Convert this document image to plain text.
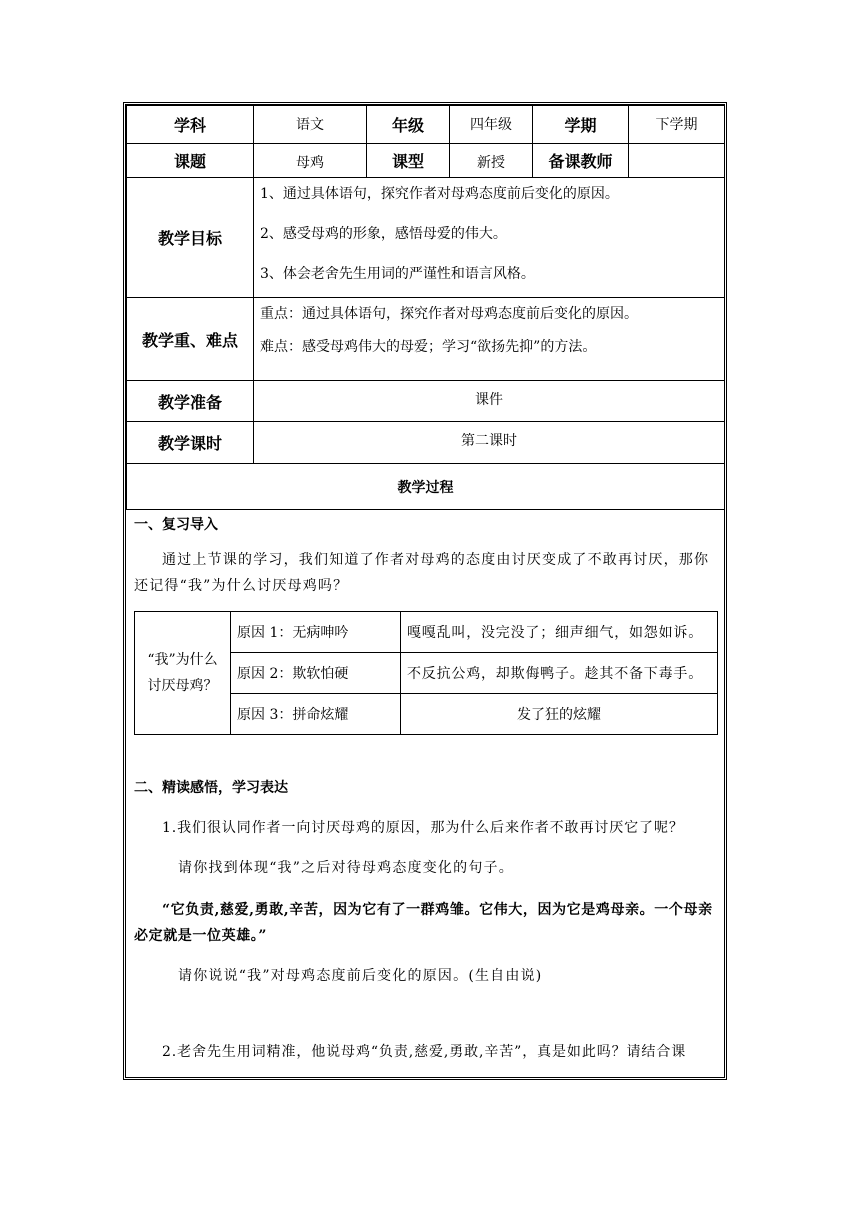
学科	语文	年级	四年级	学期	下学期
课题	母鸡	课型	新授	备课教师	
教学目标	1、通过具体语句，探究作者对母鸡态度前后变化的原因。
2、感受母鸡的形象，感悟母爱的伟大。
3、体会老舍先生用词的严谨性和语言风格。				

教学重、难点	重点：通过具体语句，探究作者对母鸡态度前后变化的原因。
难点：感受母鸡伟大的母爱；学习“欲扬先抑”的方法。				

教学准备	课件				
教学课时	第二课时				
教学过程					
一、复习导入
通过上节课的学习，我们知道了作者对母鸡的态度由讨厌变成了不敢再讨厌，那你还记得“我”为什么讨厌母鸡吗？
“我”为什么讨厌母鸡？	原因 1：无病呻吟	嘎嘎乱叫，没完没了；细声细气，如怨如诉。
	原因 2：欺软怕硬	不反抗公鸡，却欺侮鸭子。趁其不备下毒手。
	原因 3：拼命炫耀	发了狂的炫耀
二、精读感悟，学习表达
1.我们很认同作者一向讨厌母鸡的原因，那为什么后来作者不敢再讨厌它了呢？
请你找到体现“我”之后对待母鸡态度变化的句子。
“它负责,慈爱,勇敢,辛苦，因为它有了一群鸡雏。它伟大，因为它是鸡母亲。一个母亲必定就是一位英雄。”
请你说说“我”对母鸡态度前后变化的原因。(生自由说)
2.老舍先生用词精准，他说母鸡“负责,慈爱,勇敢,辛苦”，真是如此吗？请结合课
